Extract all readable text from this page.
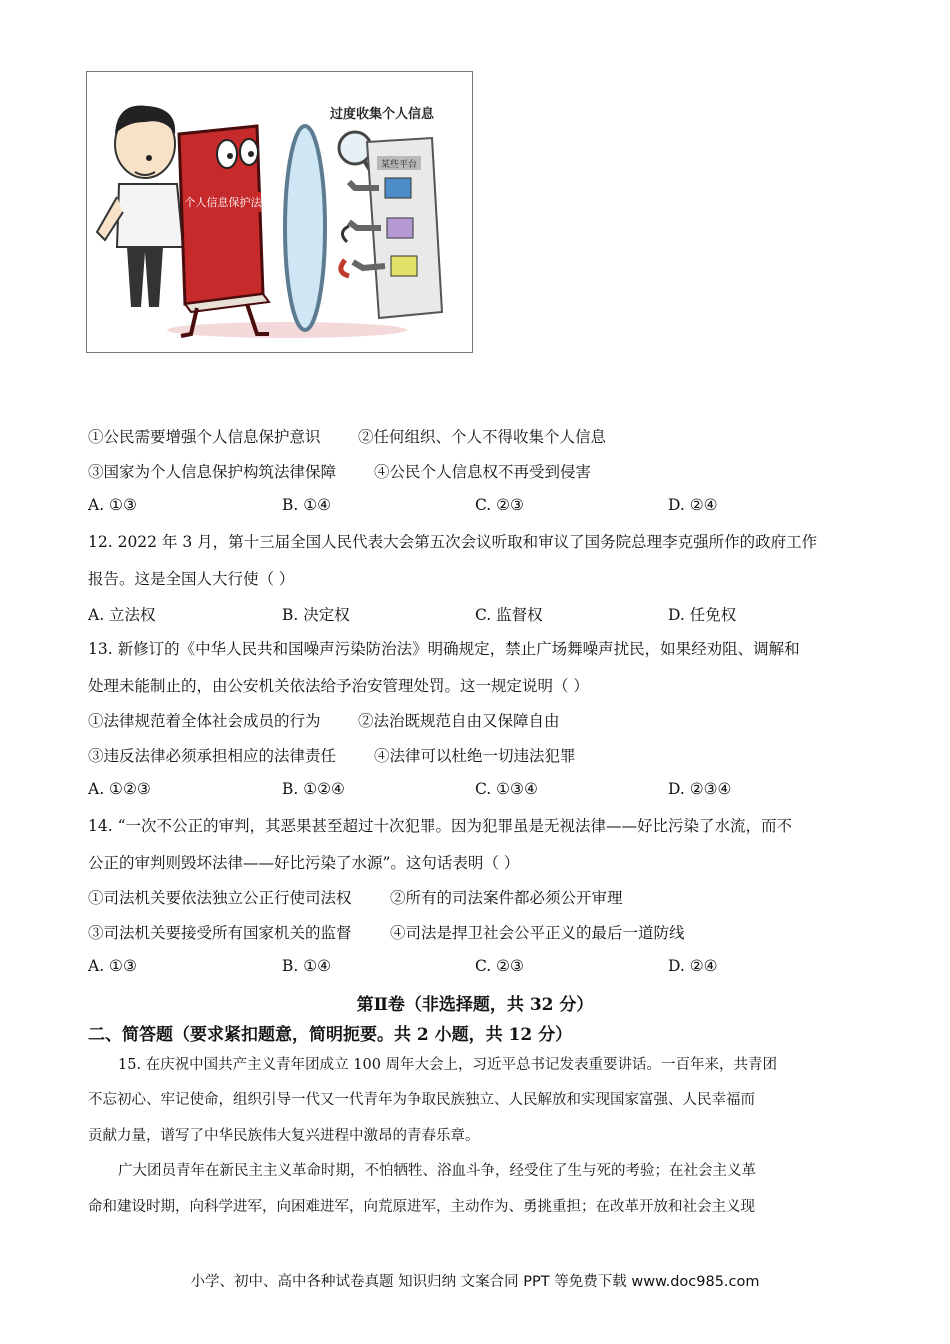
个人信息保护法
过度收集个人信息
某些平台
①公民需要增强个人信息保护意识 ②任何组织、个人不得收集个人信息
③国家为个人信息保护构筑法律保障 ④公民个人信息权不再受到侵害
A. ①③	B. ①④	C. ②③	D. ②④
12. 2022 年 3 月，第十三届全国人民代表大会第五次会议听取和审议了国务院总理李克强所作的政府工作
报告。这是全国人大行使（ ）
A. 立法权	B. 决定权	C. 监督权	D. 任免权
13. 新修订的《中华人民共和国噪声污染防治法》明确规定，禁止广场舞噪声扰民，如果经劝阻、调解和
处理未能制止的，由公安机关依法给予治安管理处罚。这一规定说明（ ）
①法律规范着全体社会成员的行为 ②法治既规范自由又保障自由
③违反法律必须承担相应的法律责任 ④法律可以杜绝一切违法犯罪
A. ①②③	B. ①②④	C. ①③④	D. ②③④
14. “一次不公正的审判，其恶果甚至超过十次犯罪。因为犯罪虽是无视法律——好比污染了水流，而不
公正的审判则毁坏法律——好比污染了水源”。这句话表明（ ）
①司法机关要依法独立公正行使司法权 ②所有的司法案件都必须公开审理
③司法机关要接受所有国家机关的监督 ④司法是捍卫社会公平正义的最后一道防线
A. ①③	B. ①④	C. ②③	D. ②④
第Ⅱ卷（非选择题，共 32 分）
二、简答题（要求紧扣题意，简明扼要。共 2 小题，共 12 分）
15. 在庆祝中国共产主义青年团成立 100 周年大会上，习近平总书记发表重要讲话。一百年来，共青团
不忘初心、牢记使命，组织引导一代又一代青年为争取民族独立、人民解放和实现国家富强、人民幸福而
贡献力量，谱写了中华民族伟大复兴进程中激昂的青春乐章。
广大团员青年在新民主主义革命时期，不怕牺牲、浴血斗争，经受住了生与死的考验；在社会主义革
命和建设时期，向科学进军，向困难进军，向荒原进军，主动作为、勇挑重担；在改革开放和社会主义现
小学、初中、高中各种试卷真题 知识归纳 文案合同 PPT 等免费下载 www.doc985.com
